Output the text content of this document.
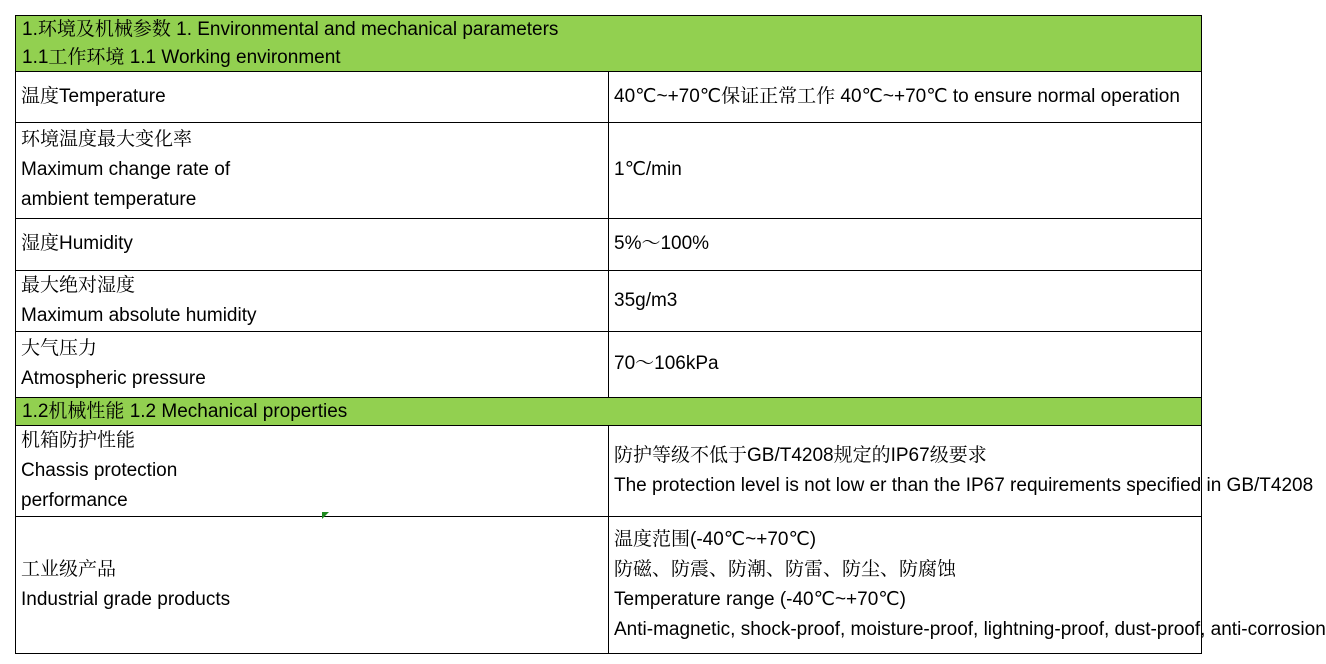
1.环境及机械参数 1. Environmental and mechanical parameters	
1.1工作环境 1.1 Working environment	

温度Temperature	40℃~+70℃保证正常工作 40℃~+70℃ to ensure normal operation

环境温度最大变化率
Maximum change rate of
ambient temperature	1℃/min

湿度Humidity	5%～100%

最大绝对湿度
Maximum absolute humidity	35g/m3

大气压力
Atmospheric pressure	70～106kPa

1.2机械性能 1.2 Mechanical properties	

机箱防护性能
Chassis protection
performance	防护等级不低于GB/T4208规定的IP67级要求
The protection level is not low er than the IP67 requirements specified in GB/T4208

工业级产品
Industrial grade products	温度范围(-40℃~+70℃)
防磁、防震、防潮、防雷、防尘、防腐蚀
Temperature range (-40℃~+70℃)
Anti-magnetic, shock-proof, moisture-proof, lightning-proof, dust-proof, anti-corrosion
